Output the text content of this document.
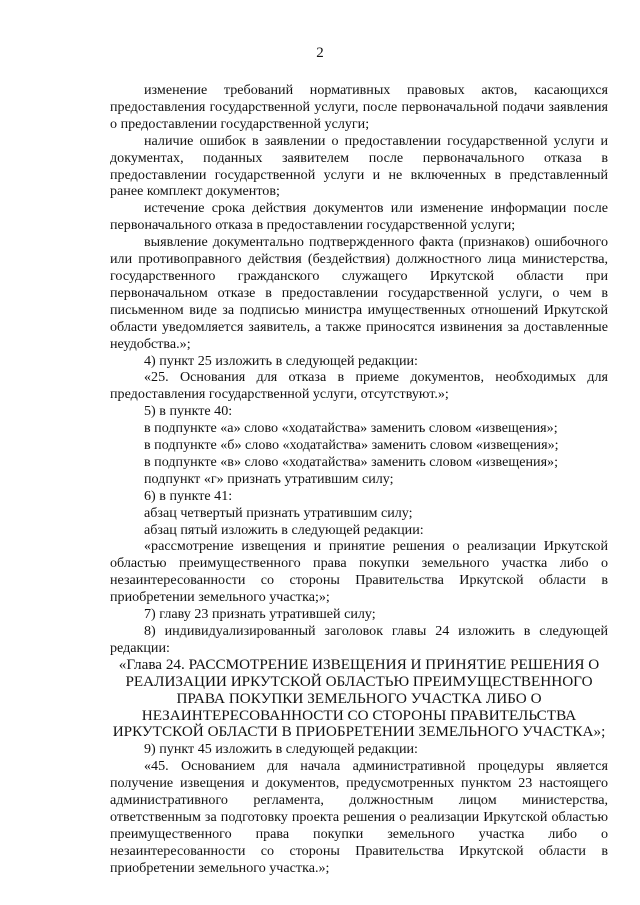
2

изменение требований нормативных правовых актов, касающихся предоставления государственной услуги, после первоначальной подачи заявления о предоставлении государственной услуги;

наличие ошибок в заявлении о предоставлении государственной услуги и документах, поданных заявителем после первоначального отказа в предоставлении государственной услуги и не включенных в представленный ранее комплект документов;

истечение срока действия документов или изменение информации после первоначального отказа в предоставлении государственной услуги;

выявление документально подтвержденного факта (признаков) ошибочного или противоправного действия (бездействия) должностного лица министерства, государственного гражданского служащего Иркутской области при первоначальном отказе в предоставлении государственной услуги, о чем в письменном виде за подписью министра имущественных отношений Иркутской области уведомляется заявитель, а также приносятся извинения за доставленные неудобства.»;

4) пункт 25 изложить в следующей редакции:

«25. Основания для отказа в приеме документов, необходимых для предоставления государственной услуги, отсутствуют.»;

5) в пункте 40:

в подпункте «а» слово «ходатайства» заменить словом «извещения»;

в подпункте «б» слово «ходатайства» заменить словом «извещения»;

в подпункте «в» слово «ходатайства» заменить словом «извещения»;

подпункт «г» признать утратившим силу;

6) в пункте 41:

абзац четвертый признать утратившим силу;

абзац пятый изложить в следующей редакции:

«рассмотрение извещения и принятие решения о реализации Иркутской областью преимущественного права покупки земельного участка либо о незаинтересованности со стороны Правительства Иркутской области в приобретении земельного участка;»;

7) главу 23 признать утратившей силу;

8) индивидуализированный заголовок главы 24 изложить в следующей редакции:

«Глава 24. РАССМОТРЕНИЕ ИЗВЕЩЕНИЯ И ПРИНЯТИЕ РЕШЕНИЯ О РЕАЛИЗАЦИИ ИРКУТСКОЙ ОБЛАСТЬЮ ПРЕИМУЩЕСТВЕННОГО ПРАВА ПОКУПКИ ЗЕМЕЛЬНОГО УЧАСТКА ЛИБО О НЕЗАИНТЕРЕСОВАННОСТИ СО СТОРОНЫ ПРАВИТЕЛЬСТВА ИРКУТСКОЙ ОБЛАСТИ В ПРИОБРЕТЕНИИ ЗЕМЕЛЬНОГО УЧАСТКА»;

9) пункт 45 изложить в следующей редакции:

«45. Основанием для начала административной процедуры является получение извещения и документов, предусмотренных пунктом 23 настоящего административного регламента, должностным лицом министерства, ответственным за подготовку проекта решения о реализации Иркутской областью преимущественного права покупки земельного участка либо о незаинтересованности со стороны Правительства Иркутской области в приобретении земельного участка.»;
